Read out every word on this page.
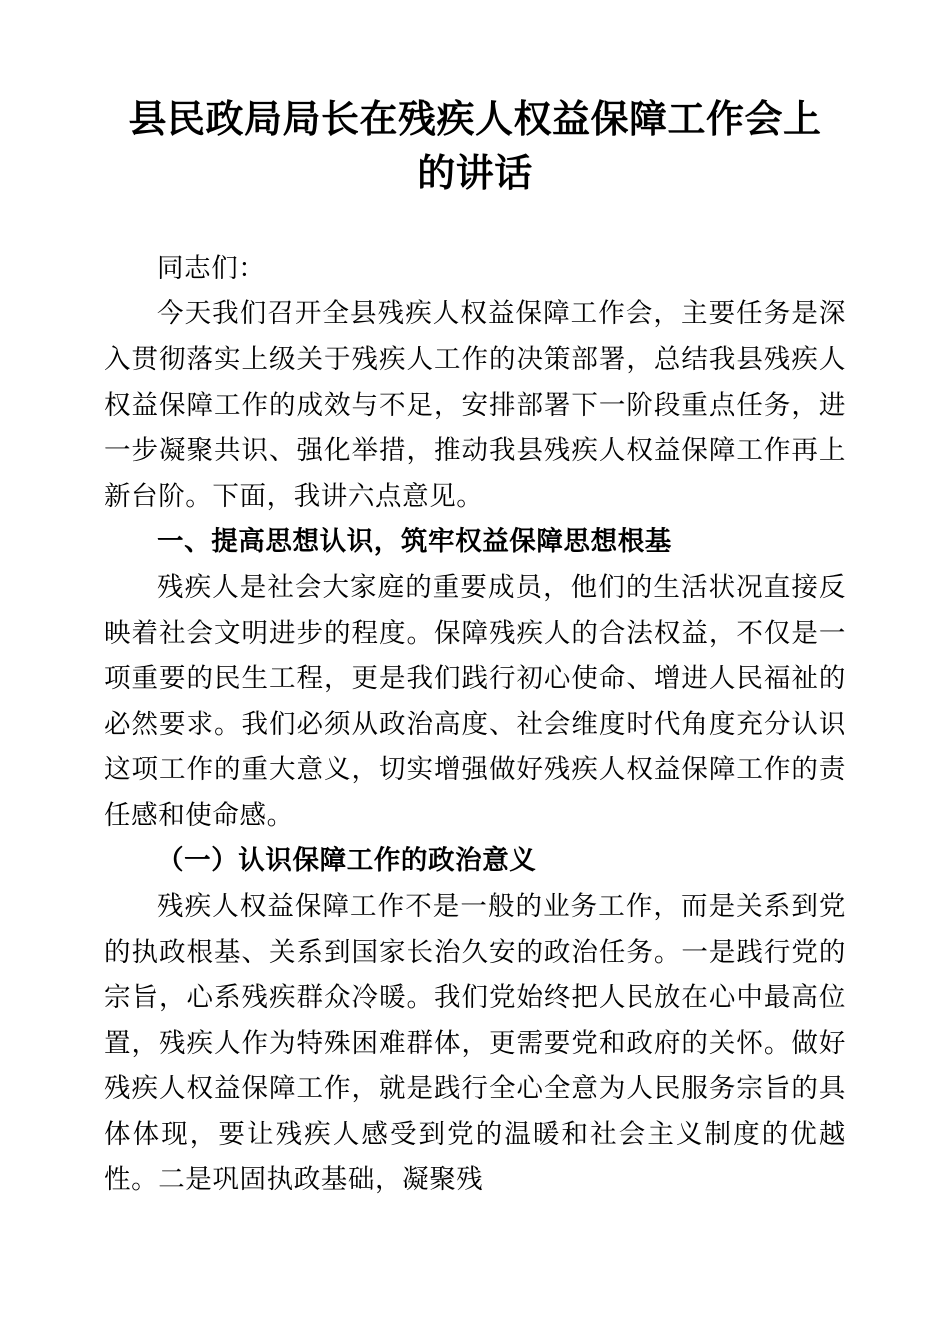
县民政局局长在残疾人权益保障工作会上的讲话

同志们：

今天我们召开全县残疾人权益保障工作会，主要任务是深入贯彻落实上级关于残疾人工作的决策部署，总结我县残疾人权益保障工作的成效与不足，安排部署下一阶段重点任务，进一步凝聚共识、强化举措，推动我县残疾人权益保障工作再上新台阶。下面，我讲六点意见。

一、提高思想认识，筑牢权益保障思想根基

残疾人是社会大家庭的重要成员，他们的生活状况直接反映着社会文明进步的程度。保障残疾人的合法权益，不仅是一项重要的民生工程，更是我们践行初心使命、增进人民福祉的必然要求。我们必须从政治高度、社会维度时代角度充分认识这项工作的重大意义，切实增强做好残疾人权益保障工作的责任感和使命感。

（一）认识保障工作的政治意义

残疾人权益保障工作不是一般的业务工作，而是关系到党的执政根基、关系到国家长治久安的政治任务。一是践行党的宗旨，心系残疾群众冷暖。我们党始终把人民放在心中最高位置，残疾人作为特殊困难群体，更需要党和政府的关怀。做好残疾人权益保障工作，就是践行全心全意为人民服务宗旨的具体体现，要让残疾人感受到党的温暖和社会主义制度的优越性。二是巩固执政基础，凝聚残
